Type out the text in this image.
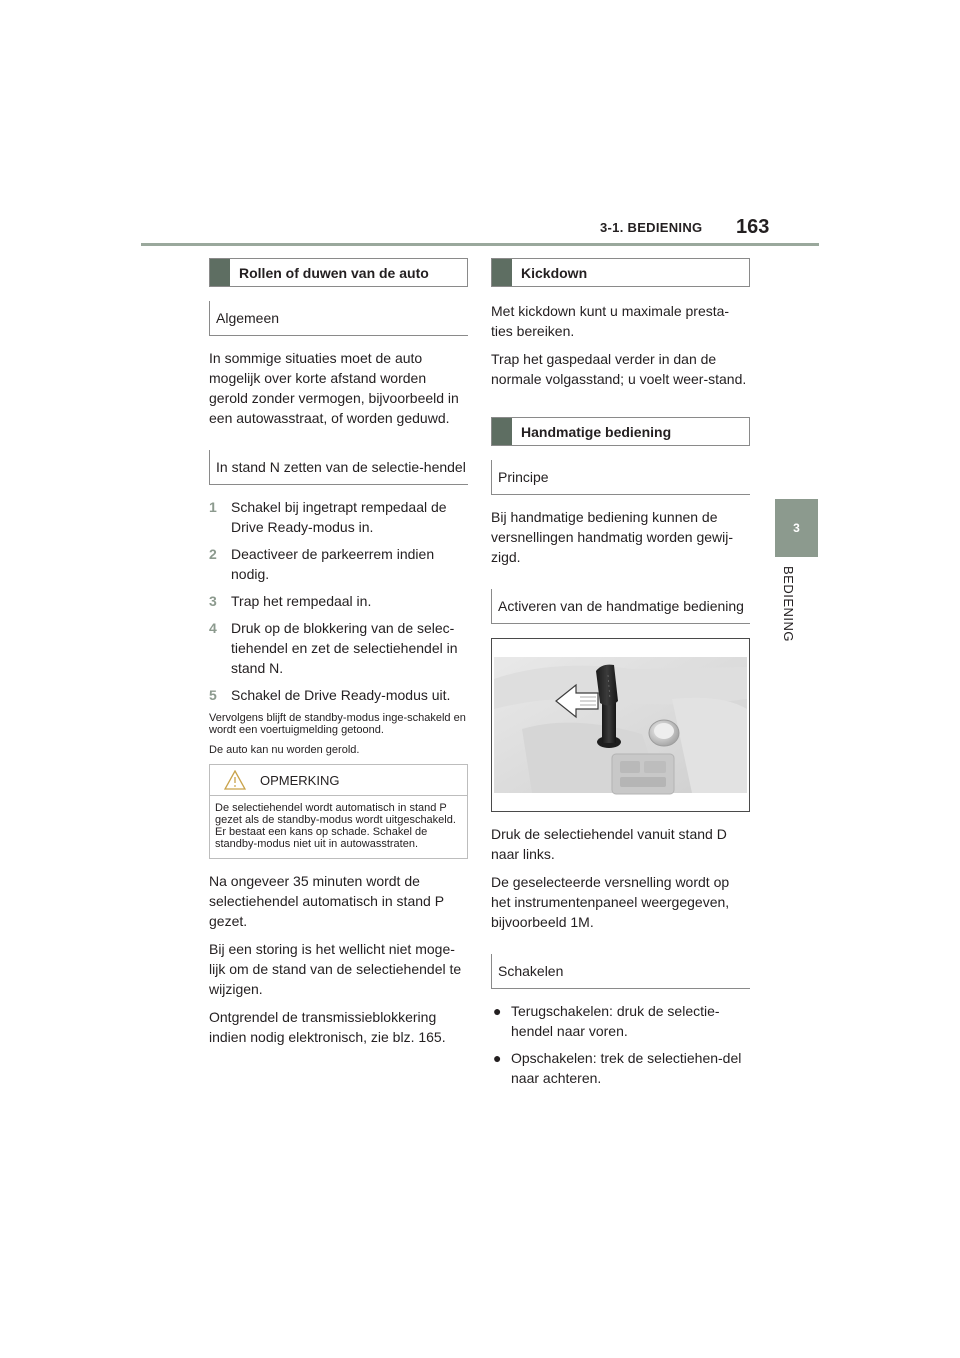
3-1. BEDIENING 163
3
BEDIENING
Rollen of duwen van de auto
Algemeen

In sommige situaties moet de auto mogelijk over korte afstand worden gerold zonder vermogen, bijvoorbeeld in een autowasstraat, of worden geduwd.

In stand N zetten van de selectie-hendel
1	Schakel bij ingetrapt rempedaal de Drive Ready-modus in.
2	Deactiveer de parkeerrem indien nodig.
3	Trap het rempedaal in.
4	Druk op de blokkering van de selec-tiehendel en zet de selectiehendel in stand N.
5	Schakel de Drive Ready-modus uit.

Vervolgens blijft de standby-modus inge-schakeld en wordt een voertuigmelding getoond.

De auto kan nu worden gerold.

OPMERKING
De selectiehendel wordt automatisch in stand P gezet als de standby-modus wordt uitgeschakeld. Er bestaat een kans op schade. Schakel de standby-modus niet uit in autowasstraten.

Na ongeveer 35 minuten wordt de selectiehendel automatisch in stand P gezet.

Bij een storing is het wellicht niet moge-lijk om de stand van de selectiehendel te wijzigen.

Ontgrendel de transmissieblokkering indien nodig elektronisch, zie blz. 165.

Kickdown

Met kickdown kunt u maximale presta-ties bereiken.

Trap het gaspedaal verder in dan de normale volgasstand; u voelt weer-stand.

Handmatige bediening
Principe

Bij handmatige bediening kunnen de versnellingen handmatig worden gewij-zigd.

Activeren van de handmatige bediening

Druk de selectiehendel vanuit stand D naar links.

De geselecteerde versnelling wordt op het instrumentenpaneel weergegeven, bijvoorbeeld 1M.

Schakelen
● Terugschakelen: druk de selectie-hendel naar voren.
● Opschakelen: trek de selectiehen-del naar achteren.
